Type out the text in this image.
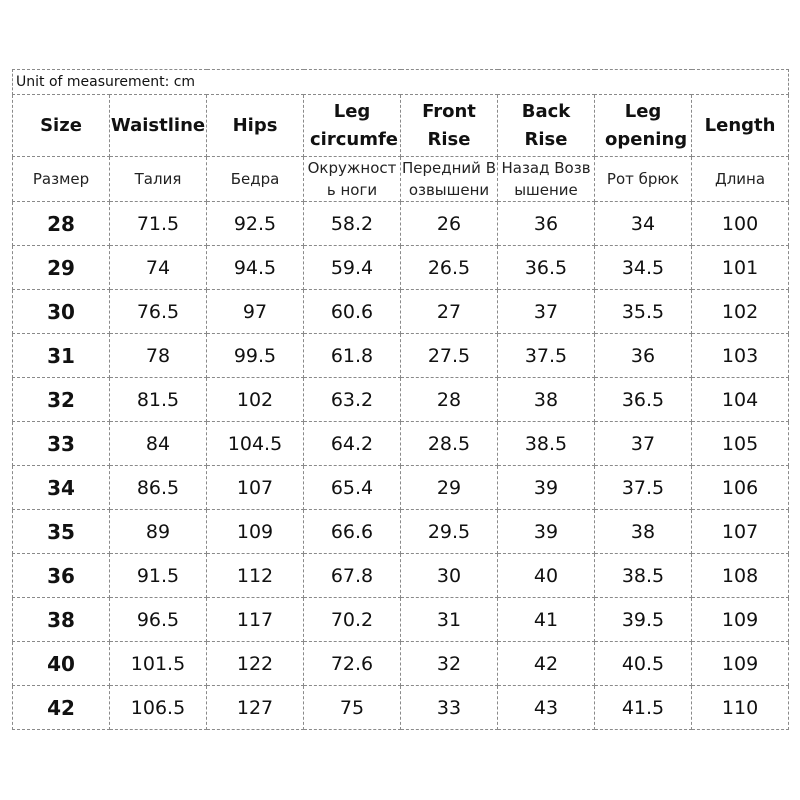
Unit of measurement: cm							

Size	Waistline	Hips	Leg circumfe	Front Rise	Back Rise	Leg opening	Length

Размер	Талия	Бедра	Окружность ноги	Передний Возвышени	Назад Возвышение	Рот брюк	Длина

28	71.5	92.5	58.2	26	36	34	100
29	74	94.5	59.4	26.5	36.5	34.5	101
30	76.5	97	60.6	27	37	35.5	102
31	78	99.5	61.8	27.5	37.5	36	103
32	81.5	102	63.2	28	38	36.5	104
33	84	104.5	64.2	28.5	38.5	37	105
34	86.5	107	65.4	29	39	37.5	106
35	89	109	66.6	29.5	39	38	107
36	91.5	112	67.8	30	40	38.5	108
38	96.5	117	70.2	31	41	39.5	109
40	101.5	122	72.6	32	42	40.5	109
42	106.5	127	75	33	43	41.5	110
